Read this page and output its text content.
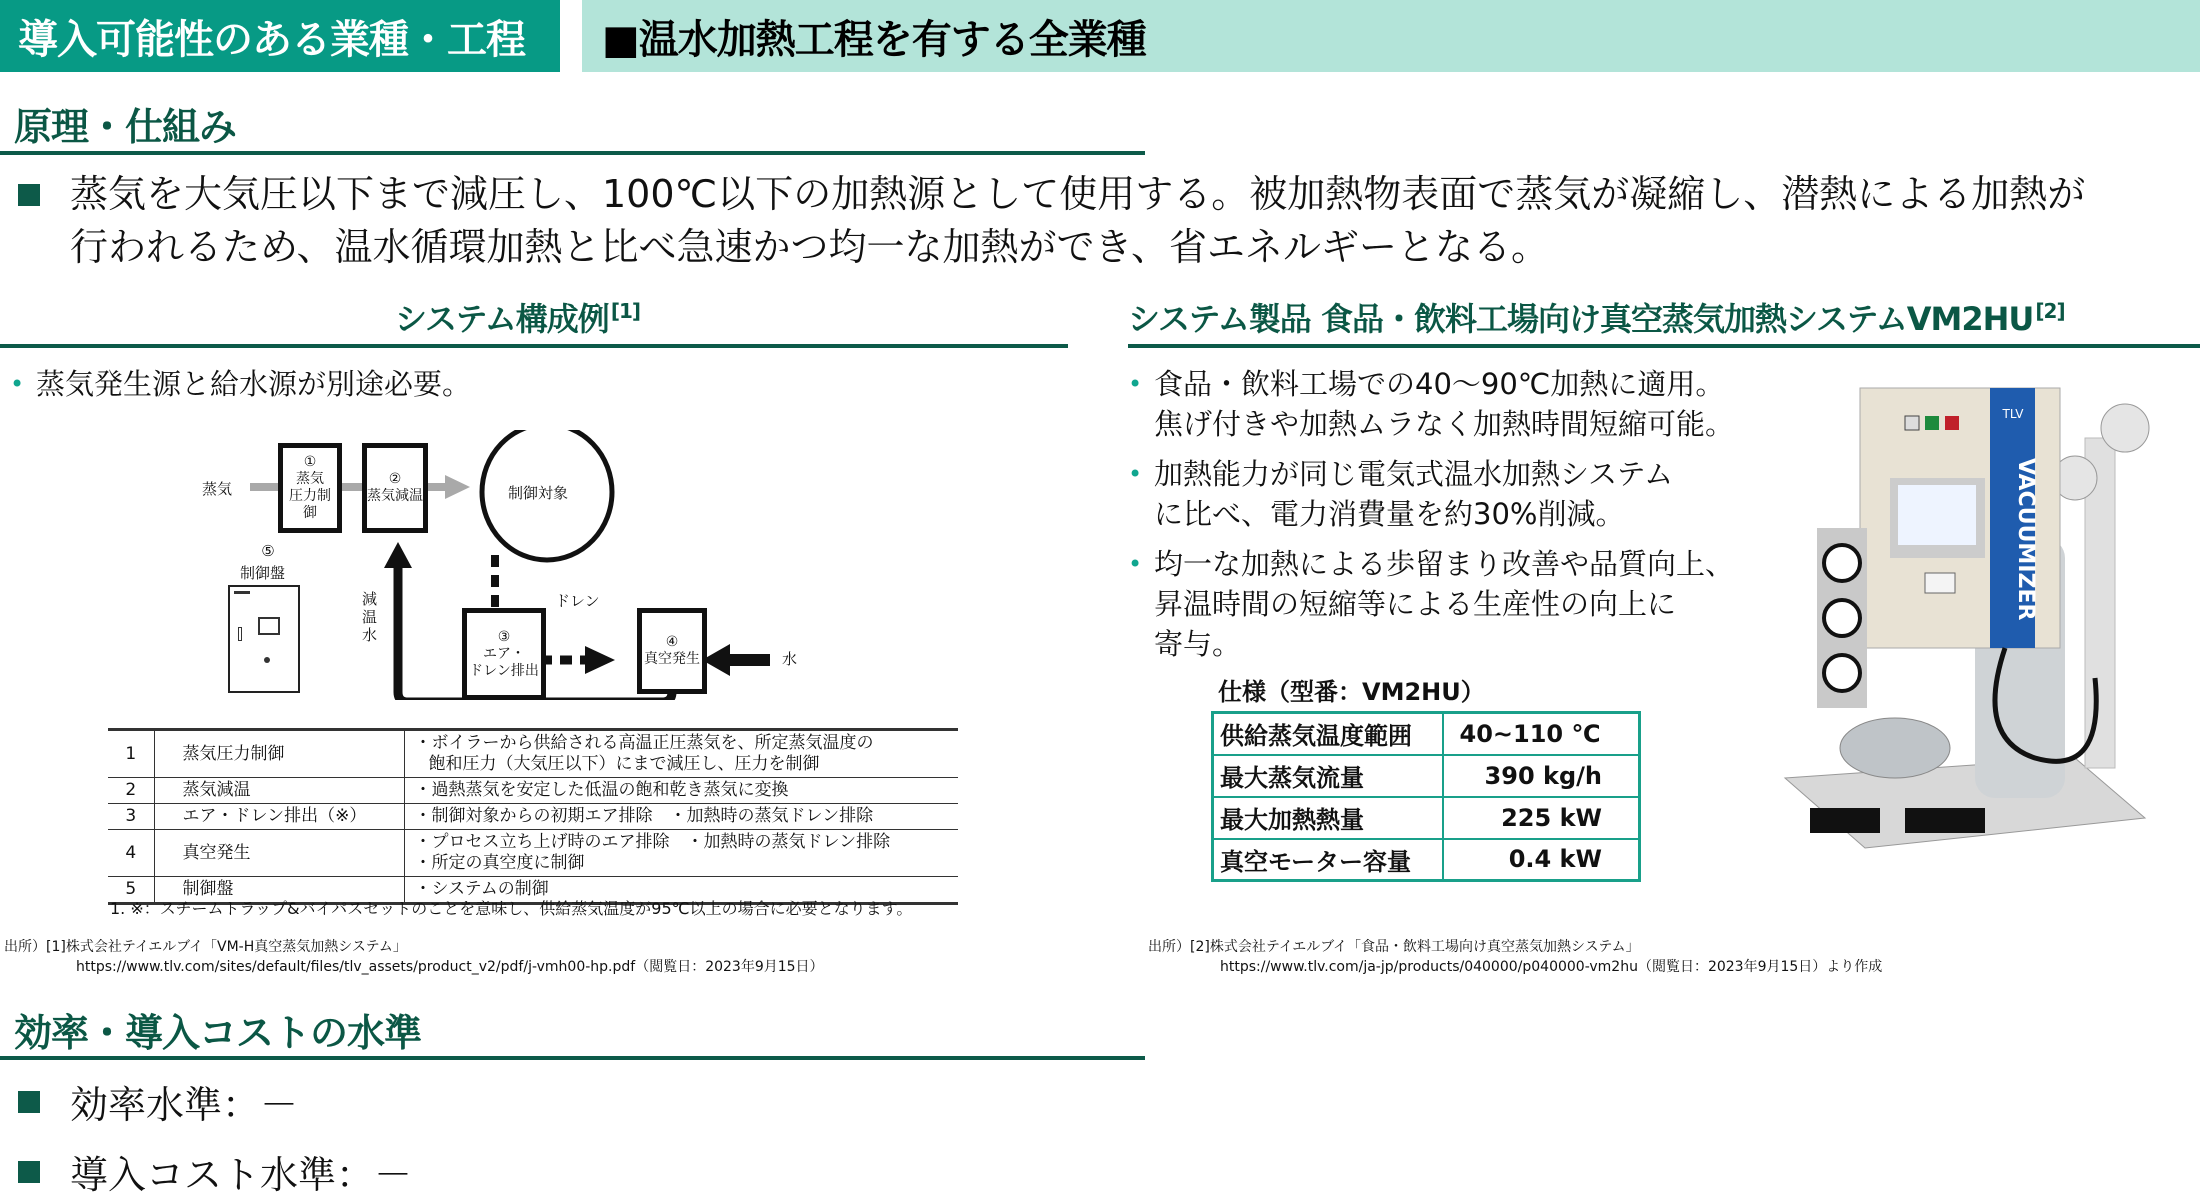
導入可能性のある業種・工程	■温水加熱工程を有する全業種
原理・仕組み
蒸気を大気圧以下まで減圧し、100℃以下の加熱源として使用する。被加熱物表面で蒸気が凝縮し、潜熱による加熱が
行われるため、温水循環加熱と比べ急速かつ均一な加熱ができ、省エネルギーとなる。
システム構成例 [1]
• 蒸気発生源と給水源が別途必要。
蒸気
①
蒸気
圧力制御
②
蒸気減温	制御対象
⑤
制御盤
③
エア・
ドレン排出
ドレン
④
真空発生	水
減温水
1	蒸気圧力制御	・ボイラーから供給される高温正圧蒸気を、所定蒸気温度の
飽和圧力（大気圧以下）にまで減圧し、圧力を制御

2	蒸気減温	・過熱蒸気を安定した低温の飽和乾き蒸気に変換
3	エア・ドレン排出（※）	・制御対象からの初期エア排除　・加熱時の蒸気ドレン排除
4	真空発生	・プロセス立ち上げ時のエア排除　・加熱時の蒸気ドレン排除
・所定の真空度に制御

5	制御盤	・システムの制御
1. ※：スチームトラップ&バイパスセットのことを意味し、供給蒸気温度が95℃以上の場合に必要となります。
出所）[1]株式会社テイエルブイ「VM-H真空蒸気加熱システム」
https://www.tlv.com/sites/default/files/tlv_assets/product_v2/pdf/j-vmh00-hp.pdf（閲覧日：2023年9月15日）
システム製品 食品・飲料工場向け真空蒸気加熱システムVM2HU [2]
• 食品・飲料工場での40～90℃加熱に適用。
焦げ付きや加熱ムラなく加熱時間短縮可能。
• 加熱能力が同じ電気式温水加熱システム
に比べ、電力消費量を約30%削減。
• 均一な加熱による歩留まり改善や品質向上、
昇温時間の短縮等による生産性の向上に
寄与。
仕様（型番：VM2HU）
供給蒸気温度範囲	40~110 ℃
最大蒸気流量	390 kg/h
最大加熱熱量	225 kW
真空モーター容量	0.4 kW
TLV
VACUUMIZER
出所）[2]株式会社テイエルブイ「食品・飲料工場向け真空蒸気加熱システム」
https://www.tlv.com/ja-jp/products/040000/p040000-vm2hu（閲覧日：2023年9月15日）より作成
効率・導入コストの水準
効率水準：－
導入コスト水準：－
